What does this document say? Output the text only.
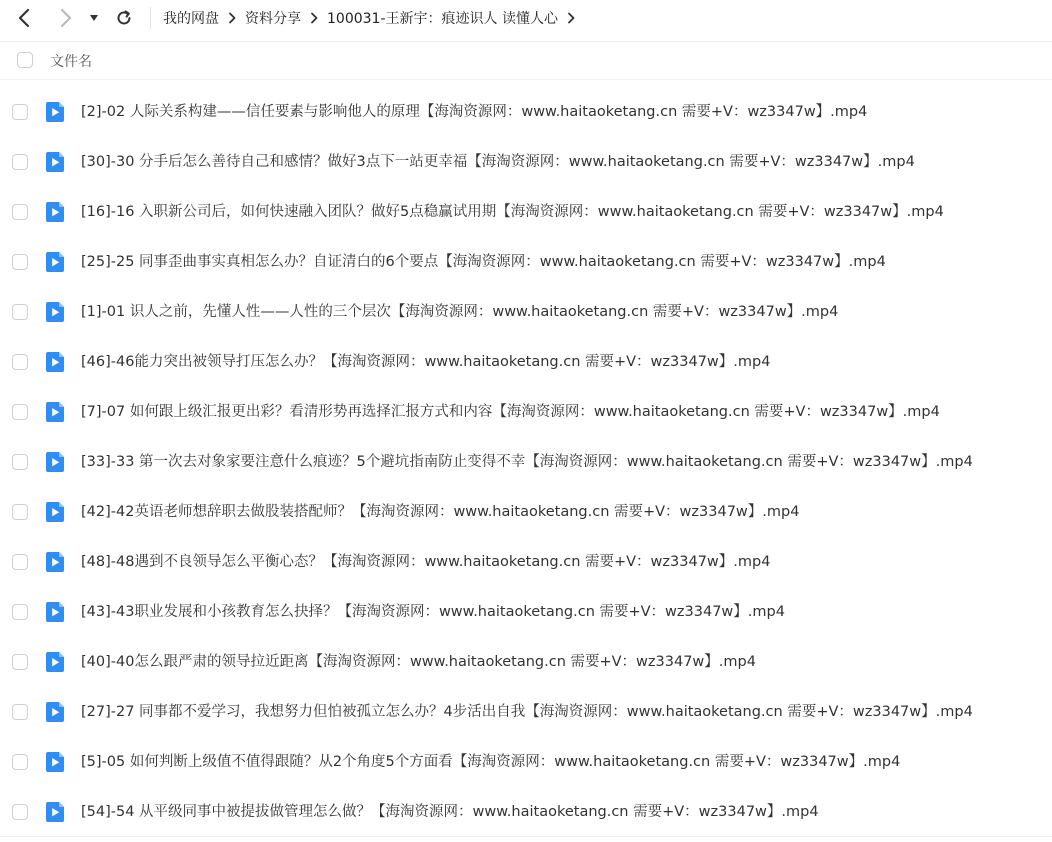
我的网盘 资料分享 100031-王新宇：痕迹识人 读懂人心
文件名
[2]-02 人际关系构建——信任要素与影响他人的原理【海淘资源网：www.haitaoketang.cn 需要+V：wz3347w】.mp4
[30]-30 分手后怎么善待自己和感情？做好3点下一站更幸福【海淘资源网：www.haitaoketang.cn 需要+V：wz3347w】.mp4
[16]-16 入职新公司后，如何快速融入团队？做好5点稳赢试用期【海淘资源网：www.haitaoketang.cn 需要+V：wz3347w】.mp4
[25]-25 同事歪曲事实真相怎么办？自证清白的6个要点【海淘资源网：www.haitaoketang.cn 需要+V：wz3347w】.mp4
[1]-01 识人之前，先懂人性——人性的三个层次【海淘资源网：www.haitaoketang.cn 需要+V：wz3347w】.mp4
[46]-46能力突出被领导打压怎么办？【海淘资源网：www.haitaoketang.cn 需要+V：wz3347w】.mp4
[7]-07 如何跟上级汇报更出彩？看清形势再选择汇报方式和内容【海淘资源网：www.haitaoketang.cn 需要+V：wz3347w】.mp4
[33]-33 第一次去对象家要注意什么痕迹？5个避坑指南防止变得不幸【海淘资源网：www.haitaoketang.cn 需要+V：wz3347w】.mp4
[42]-42英语老师想辞职去做股装搭配师？【海淘资源网：www.haitaoketang.cn 需要+V：wz3347w】.mp4
[48]-48遇到不良领导怎么平衡心态？【海淘资源网：www.haitaoketang.cn 需要+V：wz3347w】.mp4
[43]-43职业发展和小孩教育怎么抉择？【海淘资源网：www.haitaoketang.cn 需要+V：wz3347w】.mp4
[40]-40怎么跟严肃的领导拉近距离【海淘资源网：www.haitaoketang.cn 需要+V：wz3347w】.mp4
[27]-27 同事都不爱学习，我想努力但怕被孤立怎么办？4步活出自我【海淘资源网：www.haitaoketang.cn 需要+V：wz3347w】.mp4
[5]-05 如何判断上级值不值得跟随？从2个角度5个方面看【海淘资源网：www.haitaoketang.cn 需要+V：wz3347w】.mp4
[54]-54 从平级同事中被提拔做管理怎么做？【海淘资源网：www.haitaoketang.cn 需要+V：wz3347w】.mp4
